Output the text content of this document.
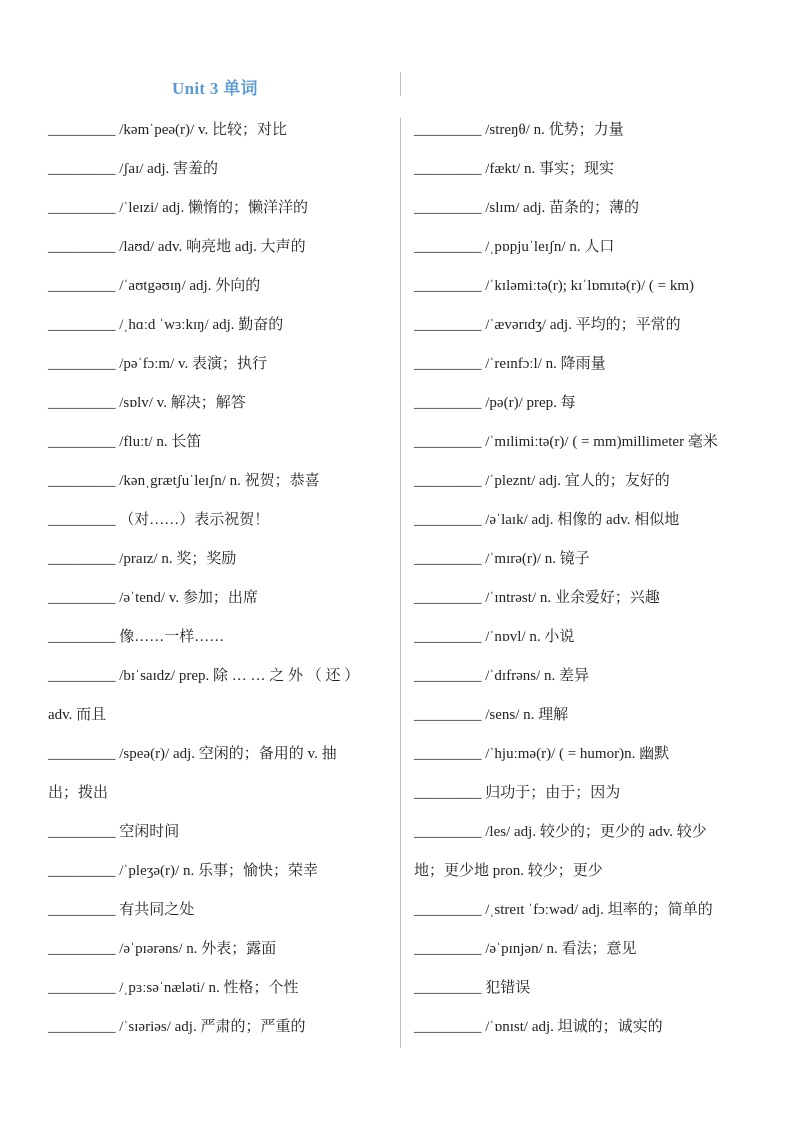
Unit 3 单词
_________ /kəmˈpeə(r)/ v. 比较；对比
_________ /ʃaɪ/ adj. 害羞的
_________ /ˈleɪzi/ adj. 懒惰的；懒洋洋的
_________ /laʊd/ adv. 响亮地 adj. 大声的
_________ /ˈaʊtgəʊɪŋ/ adj. 外向的
_________ /ˌhɑːd ˈwɜːkɪŋ/ adj. 勤奋的
_________ /pəˈfɔːm/ v. 表演；执行
_________ /sɒlv/ v. 解决；解答
_________ /fluːt/ n. 长笛
_________ /kənˌgrætʃuˈleɪʃn/ n. 祝贺；恭喜
_________ （对……）表示祝贺！
_________ /praɪz/ n. 奖；奖励
_________ /əˈtend/ v. 参加；出席
_________ 像……一样……
_________ /bɪˈsaɪdz/ prep. 除 … … 之 外 （ 还 ）
adv. 而且
_________ /speə(r)/ adj. 空闲的；备用的 v. 抽
出；拨出
_________ 空闲时间
_________ /ˈpleʒə(r)/ n. 乐事；愉快；荣幸
_________ 有共同之处
_________ /əˈpɪərəns/ n. 外表；露面
_________ /ˌpɜːsəˈnæləti/ n. 性格；个性
_________ /ˈsɪəriəs/ adj. 严肃的；严重的
_________ /streŋθ/ n. 优势；力量
_________ /fækt/ n. 事实；现实
_________ /slɪm/ adj. 苗条的；薄的
_________ /ˌpɒpjuˈleɪʃn/ n. 人口
_________ /ˈkɪləmiːtə(r); kɪˈlɒmɪtə(r)/ ( = km)
_________ /ˈævərɪdʒ/ adj. 平均的；平常的
_________ /ˈreɪnfɔːl/ n. 降雨量
_________ /pə(r)/ prep. 每
_________ /ˈmɪlimiːtə(r)/ ( = mm)millimeter 毫米
_________ /ˈpleznt/ adj. 宜人的；友好的
_________ /əˈlaɪk/ adj. 相像的 adv. 相似地
_________ /ˈmɪrə(r)/ n. 镜子
_________ /ˈɪntrəst/ n. 业余爱好；兴趣
_________ /ˈnɒvl/ n. 小说
_________ /ˈdɪfrəns/ n. 差异
_________ /sens/ n. 理解
_________ /ˈhjuːmə(r)/ ( = humor)n. 幽默
_________ 归功于；由于；因为
_________ /les/ adj. 较少的；更少的 adv. 较少
地；更少地 pron. 较少；更少
_________ /ˌstreɪt ˈfɔːwəd/ adj. 坦率的；简单的
_________ /əˈpɪnjən/ n. 看法；意见
_________ 犯错误
_________ /ˈɒnɪst/ adj. 坦诚的；诚实的
